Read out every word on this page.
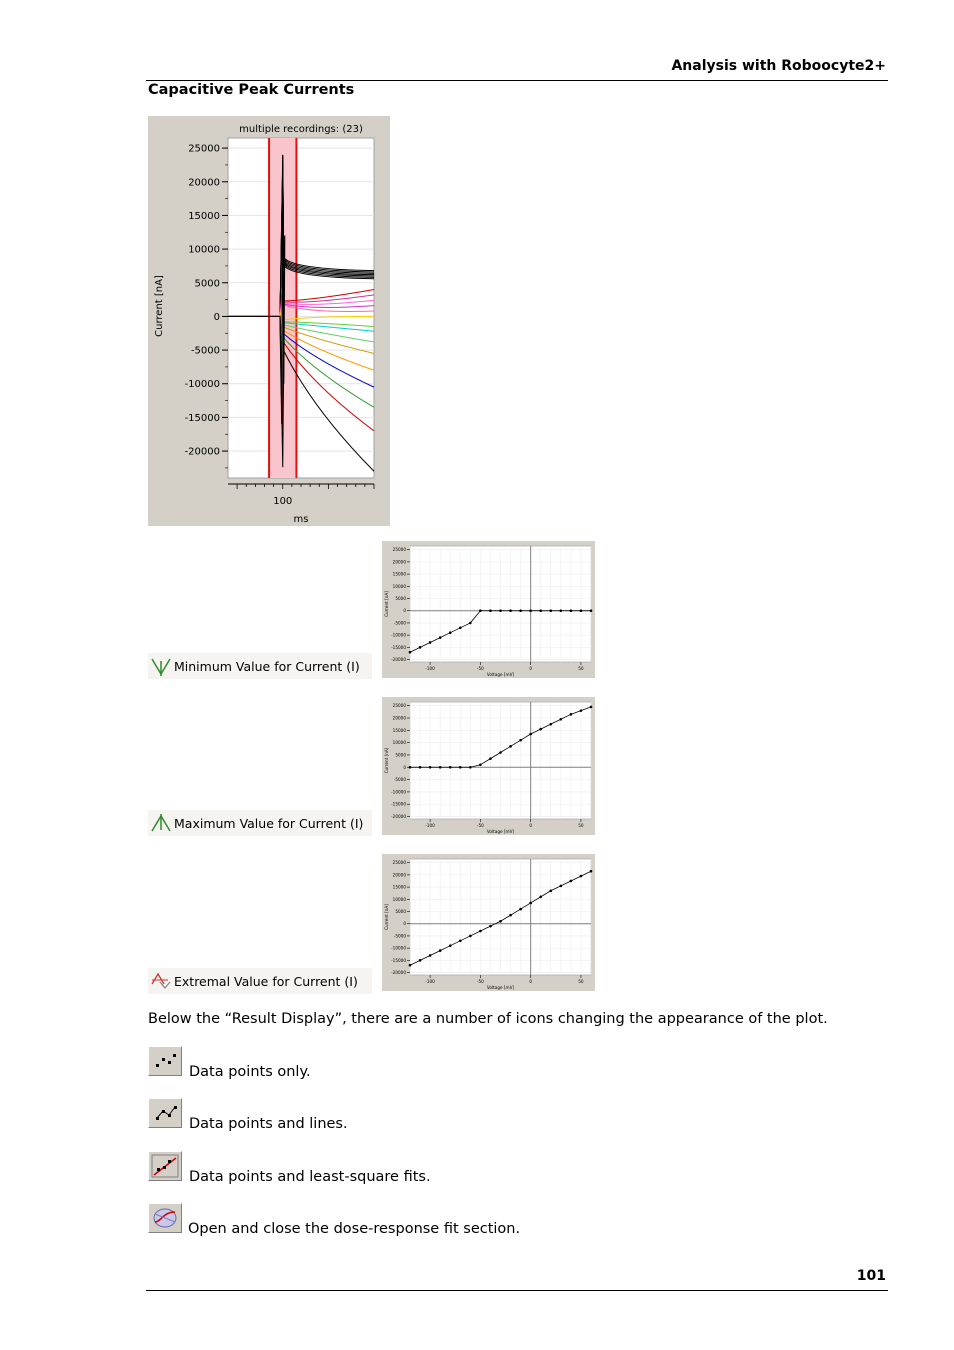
Analysis with Roboocyte2+
Capacitive Peak Currents
multiple recordings: (23)
25000
20000
15000
10000
5000
0
-5000
-10000
-15000
-20000
Current [nA]
100
ms
25000
20000
15000
10000
5000
0
-5000
-10000
-15000
-20000
-100	-50	0	50
Voltage [mV]
Current [nA]
Minimum Value for Current (I)
25000
20000
15000
10000
5000
0
-5000
-10000
-15000
-20000
-100	-50	0	50
Voltage [mV]
Current [nA]
Maximum Value for Current (I)
25000
20000
15000
10000
5000
0
-5000
-10000
-15000
-20000
-100	-50	0	50
Voltage [mV]
Current [nA]
Extremal Value for Current (I)
Below the “Result Display”, there are a number of icons changing the appearance of the plot.
Data points only.
Data points and lines.
Data points and least-square fits.
Open and close the dose-response fit section.
101
